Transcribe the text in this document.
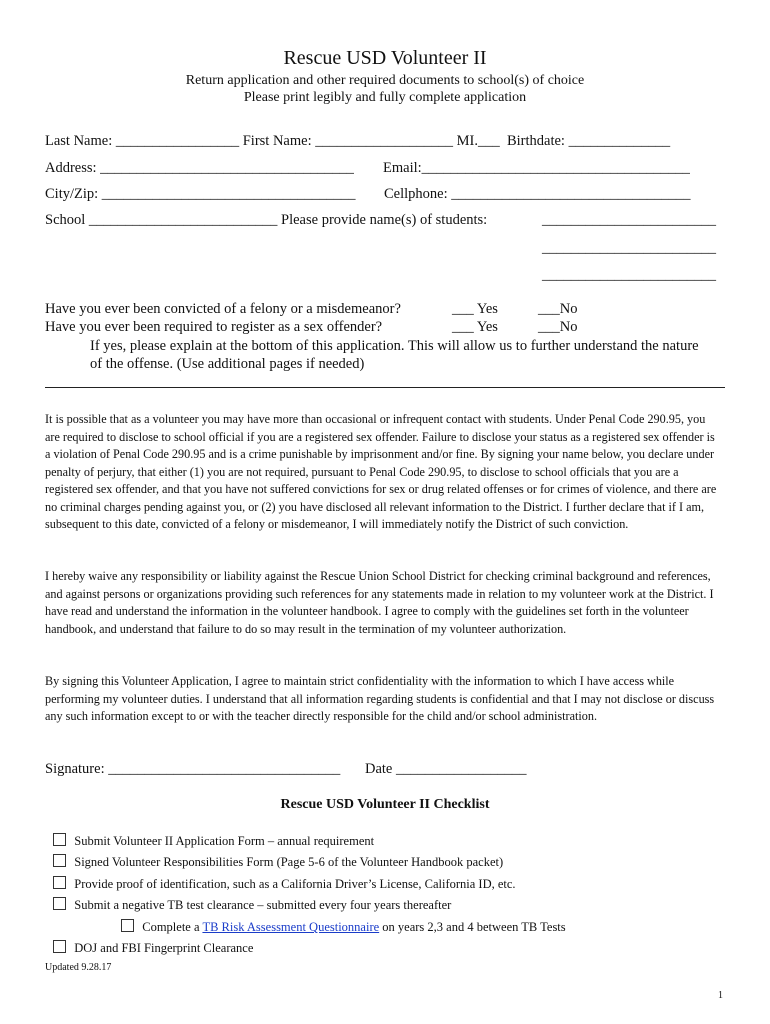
Rescue USD Volunteer II
Return application and other required documents to school(s) of choice
Please print legibly and fully complete application
Last Name: _________________ First Name: ___________________ MI.___  Birthdate: ______________
Address: ___________________________________ Email:_____________________________________
City/Zip: ___________________________________ Cellphone: _________________________________
School __________________________ Please provide name(s) of students:	________________________
________________________
________________________
Have you ever been convicted of a felony or a misdemeanor?	___ Yes	___No
Have you ever been required to register as a sex offender?	___ Yes	___No
If yes, please explain at the bottom of this application. This will allow us to further understand the nature
of the offense. (Use additional pages if needed)
It is possible that as a volunteer you may have more than occasional or infrequent contact with students. Under Penal Code 290.95, you are required to disclose to school official if you are a registered sex offender. Failure to disclose your status as a registered sex offender is a violation of Penal Code 290.95 and is a crime punishable by imprisonment and/or fine. By signing your name below, you declare under penalty of perjury, that either (1) you are not required, pursuant to Penal Code 290.95, to disclose to school officials that you are a registered sex offender, and that you have not suffered convictions for sex or drug related offenses or for crimes of violence, and there are no criminal charges pending against you, or (2) you have disclosed all relevant information to the District. I further declare that if I am, subsequent to this date, convicted of a felony or misdemeanor, I will immediately notify the District of such conviction.
I hereby waive any responsibility or liability against the Rescue Union School District for checking criminal background and references, and against persons or organizations providing such references for any statements made in relation to my volunteer work at the District. I have read and understand the information in the volunteer handbook. I agree to comply with the guidelines set forth in the volunteer handbook, and understand that failure to do so may result in the termination of my volunteer authorization.
By signing this Volunteer Application, I agree to maintain strict confidentiality with the information to which I have access while performing my volunteer duties. I understand that all information regarding students is confidential and that I may not disclose or discuss any such information except to or with the teacher directly responsible for the child and/or school administration.
Signature: ________________________________ Date __________________
Rescue USD Volunteer II Checklist

Submit Volunteer II Application Form – annual requirement

Signed Volunteer Responsibilities Form (Page 5-6 of the Volunteer Handbook packet)

Provide proof of identification, such as a California Driver’s License, California ID, etc.

Submit a negative TB test clearance – submitted every four years thereafter

Complete a TB Risk Assessment Questionnaire on years 2,3 and 4 between TB Tests

DOJ and FBI Fingerprint Clearance

Updated 9.28.17
1
